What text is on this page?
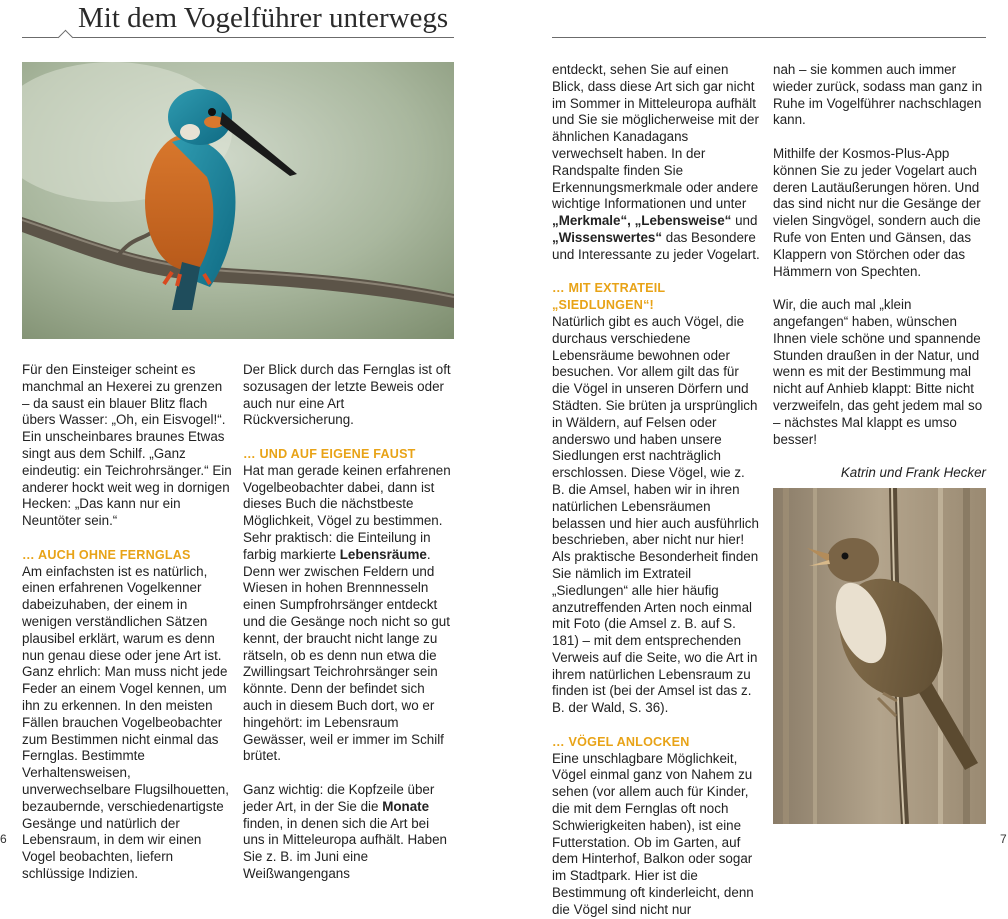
Mit dem Vogelführer unterwegs

Für den Einsteiger scheint es manchmal an Hexerei zu grenzen – da saust ein blauer Blitz flach übers Wasser: „Oh, ein Eisvogel!“. Ein unscheinbares braunes Etwas singt aus dem Schilf. „Ganz eindeutig: ein Teichrohrsänger.“ Ein anderer hockt weit weg in dornigen Hecken: „Das kann nur ein Neuntöter sein.“

… AUCH OHNE FERNGLAS

Am einfachsten ist es natürlich, einen erfahrenen Vogelkenner dabeizuhaben, der einem in wenigen verständlichen Sätzen plausibel erklärt, warum es denn nun genau diese oder jene Art ist. Ganz ehrlich: Man muss nicht jede Feder an einem Vogel kennen, um ihn zu erkennen. In den meisten Fällen brauchen Vogelbeobachter zum Bestimmen nicht einmal das Fernglas. Bestimmte Verhaltensweisen, unverwechselbare Flugsilhouetten, bezaubernde, verschiedenartigste Gesänge und natürlich der Lebensraum, in dem wir einen Vogel beobachten, liefern schlüssige Indizien.

Der Blick durch das Fernglas ist oft sozusagen der letzte Beweis oder auch nur eine Art Rückversicherung.

… UND AUF EIGENE FAUST

Hat man gerade keinen erfahrenen Vogelbeobachter dabei, dann ist dieses Buch die nächstbeste Möglichkeit, Vögel zu bestimmen. Sehr praktisch: die Einteilung in farbig markierte Lebensräume. Denn wer zwischen Feldern und Wiesen in hohen Brennnesseln einen Sumpfrohrsänger entdeckt und die Gesänge noch nicht so gut kennt, der braucht nicht lange zu rätseln, ob es denn nun etwa die Zwillingsart Teichrohrsänger sein könnte. Denn der befindet sich auch in diesem Buch dort, wo er hingehört: im Lebensraum Gewässer, weil er immer im Schilf brütet.

Ganz wichtig: die Kopfzeile über jeder Art, in der Sie die Monate finden, in denen sich die Art bei uns in Mitteleuropa aufhält. Haben Sie z. B. im Juni eine Weißwangengans

entdeckt, sehen Sie auf einen Blick, dass diese Art sich gar nicht im Sommer in Mitteleuropa aufhält und Sie sie möglicherweise mit der ähnlichen Kanadagans verwechselt haben. In der Randspalte finden Sie Erkennungsmerkmale oder andere wichtige Informationen und unter „Merkmale“, „Lebensweise“ und „Wissenswertes“ das Besondere und Interessante zu jeder Vogelart.

… MIT EXTRATEIL „SIEDLUNGEN“!

Natürlich gibt es auch Vögel, die durchaus verschiedene Lebensräume bewohnen oder besuchen. Vor allem gilt das für die Vögel in unseren Dörfern und Städten. Sie brüten ja ursprünglich in Wäldern, auf Felsen oder anderswo und haben unsere Siedlungen erst nachträglich erschlossen. Diese Vögel, wie z. B. die Amsel, haben wir in ihren natürlichen Lebensräumen belassen und hier auch ausführlich beschrieben, aber nicht nur hier! Als praktische Besonderheit finden Sie nämlich im Extrateil „Siedlungen“ alle hier häufig anzutreffenden Arten noch einmal mit Foto (die Amsel z. B. auf S. 181) – mit dem entsprechenden Verweis auf die Seite, wo die Art in ihrem natürlichen Lebensraum zu finden ist (bei der Amsel ist das z. B. der Wald, S. 36).

… VÖGEL ANLOCKEN

Eine unschlagbare Möglichkeit, Vögel einmal ganz von Nahem zu sehen (vor allem auch für Kinder, die mit dem Fernglas oft noch Schwierigkeiten haben), ist eine Futterstation. Ob im Garten, auf dem Hinterhof, Balkon oder sogar im Stadtpark. Hier ist die Bestimmung oft kinderleicht, denn die Vögel sind nicht nur

nah – sie kommen auch immer wieder zurück, sodass man ganz in Ruhe im Vogelführer nachschlagen kann.

Mithilfe der Kosmos-Plus-App können Sie zu jeder Vogelart auch deren Lautäußerungen hören. Und das sind nicht nur die Gesänge der vielen Singvögel, sondern auch die Rufe von Enten und Gänsen, das Klappern von Störchen oder das Hämmern von Spechten.

Wir, die auch mal „klein angefangen“ haben, wünschen Ihnen viele schöne und spannende Stunden draußen in der Natur, und wenn es mit der Bestimmung mal nicht auf Anhieb klappt: Bitte nicht verzweifeln, das geht jedem mal so – nächstes Mal klappt es umso besser!

Katrin und Frank Hecker

6	7
